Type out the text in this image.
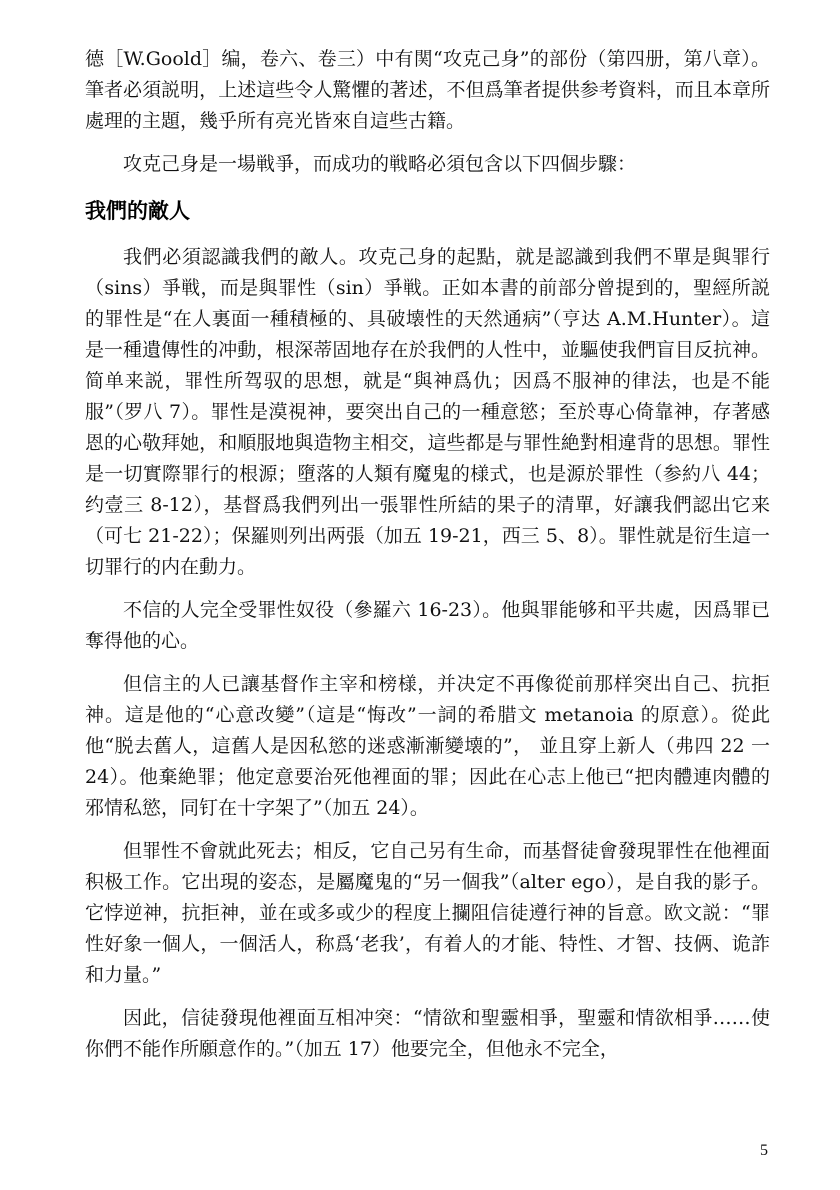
德［W.Goold］编，卷六、卷三）中有関“攻克己身”的部份（第四册，第八章）。筆者必須説明，上述這些令人驚懼的著述，不但爲筆者提供参考資料，而且本章所處理的主題，幾乎所有亮光皆來自這些古籍。

攻克己身是一場戦爭，而成功的戦略必須包含以下四個步驟：

我們的敵人

我們必須認識我們的敵人。攻克己身的起點，就是認識到我們不單是與罪行（sins）爭戦，而是與罪性（sin）爭戦。正如本書的前部分曾提到的，聖經所説的罪性是“在人裏面一種積極的、具破壊性的天然通病”（亨达 A.M.Hunter）。這是一種遺傳性的冲動，根深蒂固地存在於我們的人性中，並驅使我們盲目反抗神。简单来説，罪性所驾驭的思想，就是“與神爲仇；因爲不服神的律法，也是不能服”（罗八 7）。罪性是漠視神，要突出自己的一種意慾；至於専心倚靠神，存著感恩的心敬拜她，和順服地與造物主相交，這些都是与罪性絶對相違背的思想。罪性是一切實際罪行的根源；墮落的人類有魔鬼的様式，也是源於罪性（参約八 44；约壹三 8-12），基督爲我們列出一張罪性所結的果子的清單，好讓我們認出它来（可七 21-22）；保羅则列出两張（加五 19-21，西三 5、8）。罪性就是衍生這一切罪行的内在動力。

不信的人完全受罪性奴役（參羅六 16-23）。他與罪能够和平共處，因爲罪已奪得他的心。

但信主的人已讓基督作主宰和榜様，并决定不再像從前那样突出自己、抗拒神。這是他的“心意改變”（這是“悔改”一詞的希腊文 metanoia 的原意）。從此他“脱去舊人，這舊人是因私慾的迷惑漸漸變壊的”， 並且穿上新人（弗四 22 一 24）。他棄絶罪；他定意要治死他裡面的罪；因此在心志上他已“把肉體連肉體的邪情私慾，同钉在十字架了”（加五 24）。

但罪性不會就此死去；相反，它自己另有生命，而基督徒會發現罪性在他裡面积极工作。它出現的姿态，是屬魔鬼的“另一個我”（alter ego），是自我的影子。它悖逆神，抗拒神，並在或多或少的程度上攔阻信徒遵行神的旨意。欧文説：“罪性好象一個人，一個活人，称爲‘老我’，有着人的才能、特性、才智、技俩、诡詐和力量。”

因此，信徒發現他裡面互相冲突：“情欲和聖靈相爭，聖靈和情欲相爭……使你們不能作所願意作的。”（加五 17）他要完全，但他永不完全，

5
